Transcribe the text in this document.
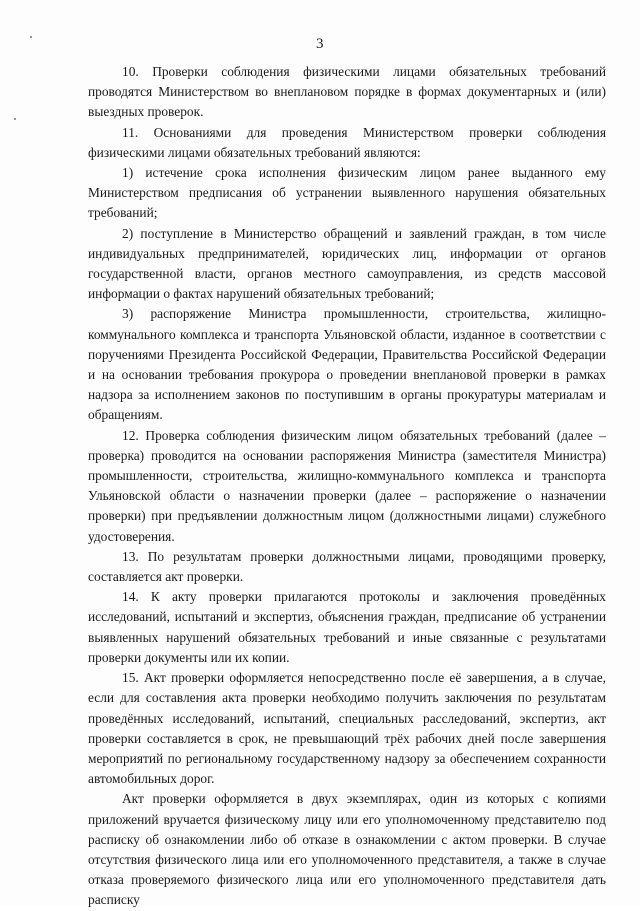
3

10. Проверки соблюдения физическими лицами обязательных требований проводятся Министерством во внеплановом порядке в формах документарных и (или) выездных проверок.

11. Основаниями для проведения Министерством проверки соблюдения физическими лицами обязательных требований являются:

1) истечение срока исполнения физическим лицом ранее выданного ему Министерством предписания об устранении выявленного нарушения обязательных требований;

2) поступление в Министерство обращений и заявлений граждан, в том числе индивидуальных предпринимателей, юридических лиц, информации от органов государственной власти, органов местного самоуправления, из средств массовой информации о фактах нарушений обязательных требований;

3) распоряжение Министра промышленности, строительства, жилищно-коммунального комплекса и транспорта Ульяновской области, изданное в соответствии с поручениями Президента Российской Федерации, Правительства Российской Федерации и на основании требования прокурора о проведении внеплановой проверки в рамках надзора за исполнением законов по поступившим в органы прокуратуры материалам и обращениям.

12. Проверка соблюдения физическим лицом обязательных требований (далее – проверка) проводится на основании распоряжения Министра (заместителя Министра) промышленности, строительства, жилищно-коммунального комплекса и транспорта Ульяновской области о назначении проверки (далее – распоряжение о назначении проверки) при предъявлении должностным лицом (должностными лицами) служебного удостоверения.

13. По результатам проверки должностными лицами, проводящими проверку, составляется акт проверки.

14. К акту проверки прилагаются протоколы и заключения проведённых исследований, испытаний и экспертиз, объяснения граждан, предписание об устранении выявленных нарушений обязательных требований и иные связанные с результатами проверки документы или их копии.

15. Акт проверки оформляется непосредственно после её завершения, а в случае, если для составления акта проверки необходимо получить заключения по результатам проведённых исследований, испытаний, специальных расследований, экспертиз, акт проверки составляется в срок, не превышающий трёх рабочих дней после завершения мероприятий по региональному государственному надзору за обеспечением сохранности автомобильных дорог.

Акт проверки оформляется в двух экземплярах, один из которых с копиями приложений вручается физическому лицу или его уполномоченному представителю под расписку об ознакомлении либо об отказе в ознакомлении с актом проверки. В случае отсутствия физического лица или его уполномоченного представителя, а также в случае отказа проверяемого физического лица или его уполномоченного представителя дать расписку
